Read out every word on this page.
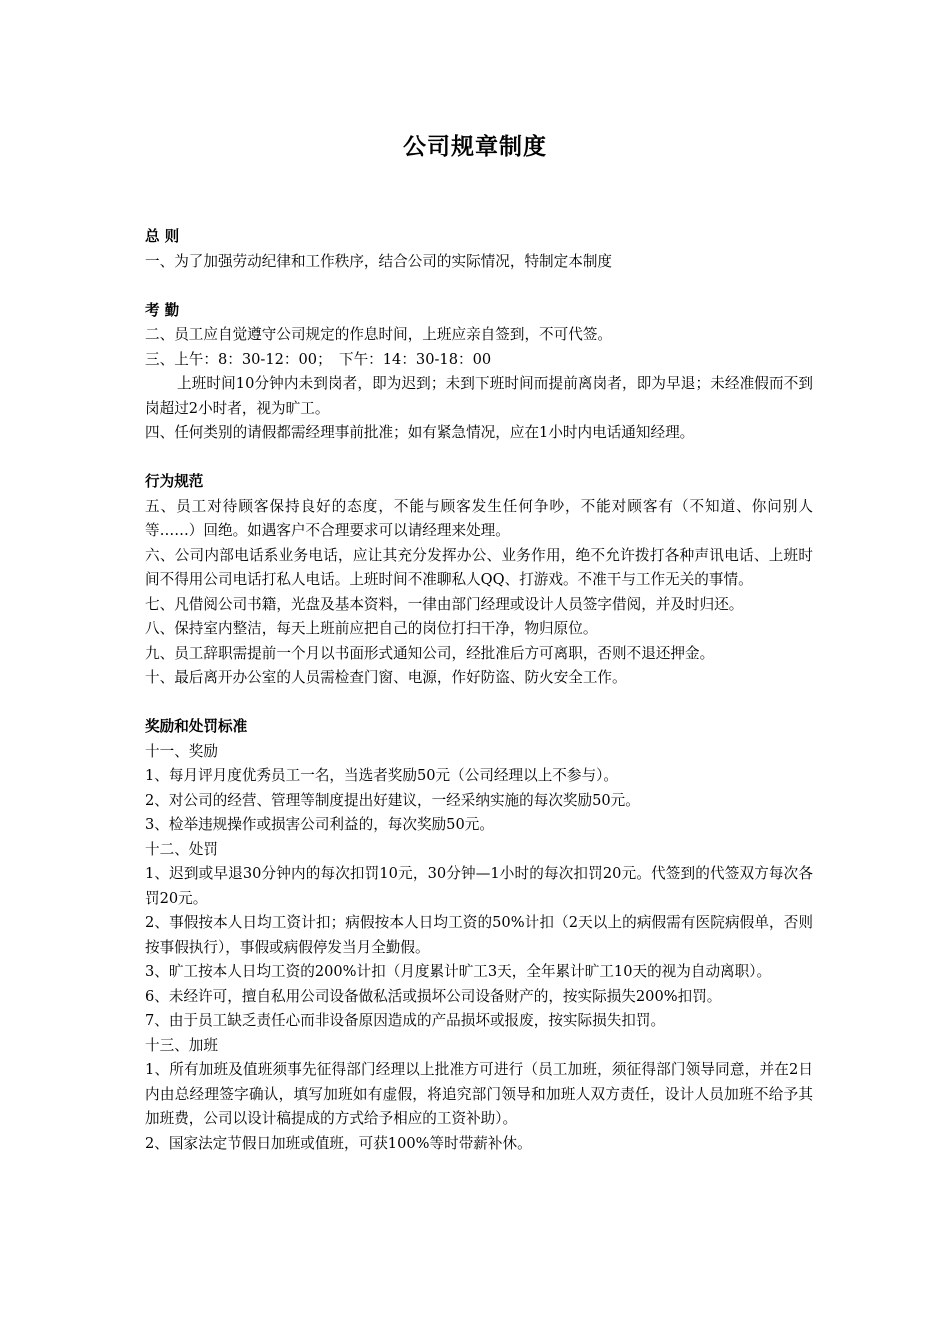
公司规章制度

总 则

一、为了加强劳动纪律和工作秩序，结合公司的实际情况，特制定本制度

考 勤

二、员工应自觉遵守公司规定的作息时间，上班应亲自签到，不可代签。

三、上午：8：30-12：00；　下午：14：30-18：00

上班时间10分钟内未到岗者，即为迟到；未到下班时间而提前离岗者，即为早退；未经准假而不到岗超过2小时者，视为旷工。

四、任何类别的请假都需经理事前批准；如有紧急情况，应在1小时内电话通知经理。

行为规范

五、员工对待顾客保持良好的态度，不能与顾客发生任何争吵，不能对顾客有（不知道、你问别人等……）回绝。如遇客户不合理要求可以请经理来处理。

六、公司内部电话系业务电话，应让其充分发挥办公、业务作用，绝不允许拨打各种声讯电话、上班时间不得用公司电话打私人电话。上班时间不准聊私人QQ、打游戏。不准干与工作无关的事情。

七、凡借阅公司书籍，光盘及基本资料，一律由部门经理或设计人员签字借阅，并及时归还。

八、保持室内整洁，每天上班前应把自己的岗位打扫干净，物归原位。

九、员工辞职需提前一个月以书面形式通知公司，经批准后方可离职，否则不退还押金。

十、最后离开办公室的人员需检查门窗、电源，作好防盗、防火安全工作。

奖励和处罚标准

十一、奖励

1、每月评月度优秀员工一名，当选者奖励50元（公司经理以上不参与）。

2、对公司的经营、管理等制度提出好建议，一经采纳实施的每次奖励50元。

3、检举违规操作或损害公司利益的，每次奖励50元。

十二、处罚

1、迟到或早退30分钟内的每次扣罚10元，30分钟—1小时的每次扣罚20元。代签到的代签双方每次各罚20元。

2、事假按本人日均工资计扣；病假按本人日均工资的50%计扣（2天以上的病假需有医院病假单，否则按事假执行），事假或病假停发当月全勤假。

3、旷工按本人日均工资的200%计扣（月度累计旷工3天，全年累计旷工10天的视为自动离职）。

6、未经许可，擅自私用公司设备做私活或损坏公司设备财产的，按实际损失200%扣罚。

7、由于员工缺乏责任心而非设备原因造成的产品损坏或报废，按实际损失扣罚。

十三、加班

1、所有加班及值班须事先征得部门经理以上批准方可进行（员工加班，须征得部门领导同意，并在2日内由总经理签字确认，填写加班如有虚假，将追究部门领导和加班人双方责任，设计人员加班不给予其加班费，公司以设计稿提成的方式给予相应的工资补助）。

2、国家法定节假日加班或值班，可获100%等时带薪补休。
